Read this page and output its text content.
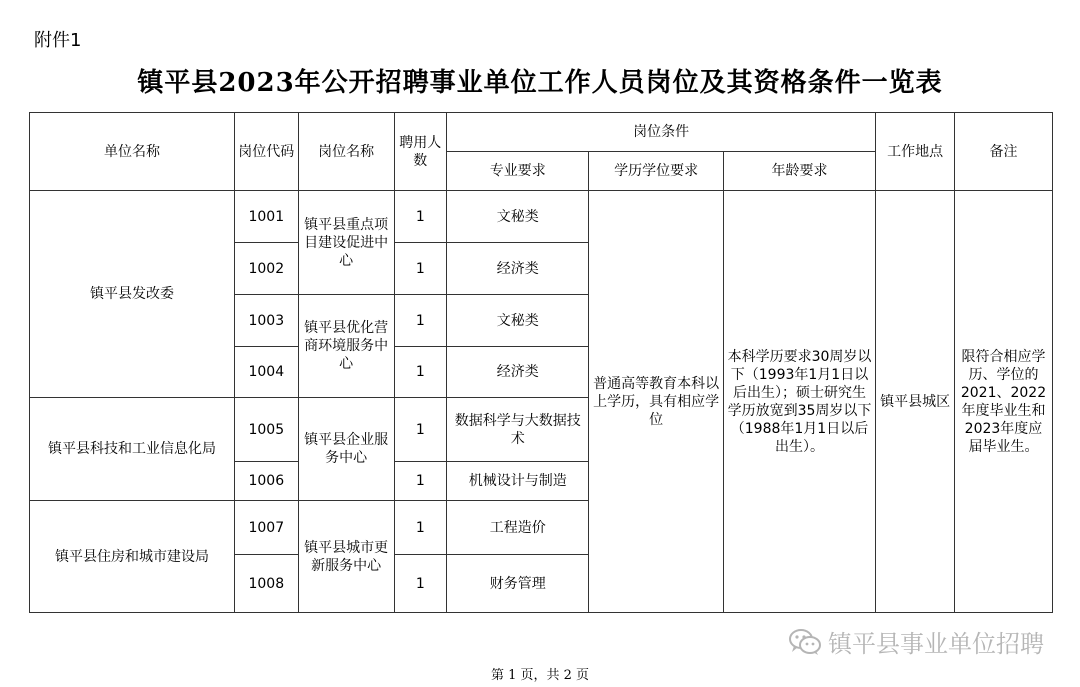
附件1
镇平县2023年公开招聘事业单位工作人员岗位及其资格条件一览表
单位名称	岗位代码	岗位名称	聘用人数	岗位条件			工作地点	备注
				专业要求	学历学位要求	年龄要求		
镇平县发改委	1001	镇平县重点项目建设促进中心	1	文秘类	普通高等教育本科以上学历，具有相应学位	本科学历要求30周岁以下（1993年1月1日以后出生）；硕士研究生学历放宽到35周岁以下（1988年1月1日以后出生）。	镇平县城区	限符合相应学历、学位的2021、2022年度毕业生和2023年度应届毕业生。
	1002		1	经济类				
	1003	镇平县优化营商环境服务中心	1	文秘类				
	1004		1	经济类				
镇平县科技和工业信息化局	1005	镇平县企业服务中心	1	数据科学与大数据技术				
	1006		1	机械设计与制造				
镇平县住房和城市建设局	1007	镇平县城市更新服务中心	1	工程造价				
	1008		1	财务管理				
镇平县事业单位招聘
第 1 页，共 2 页
